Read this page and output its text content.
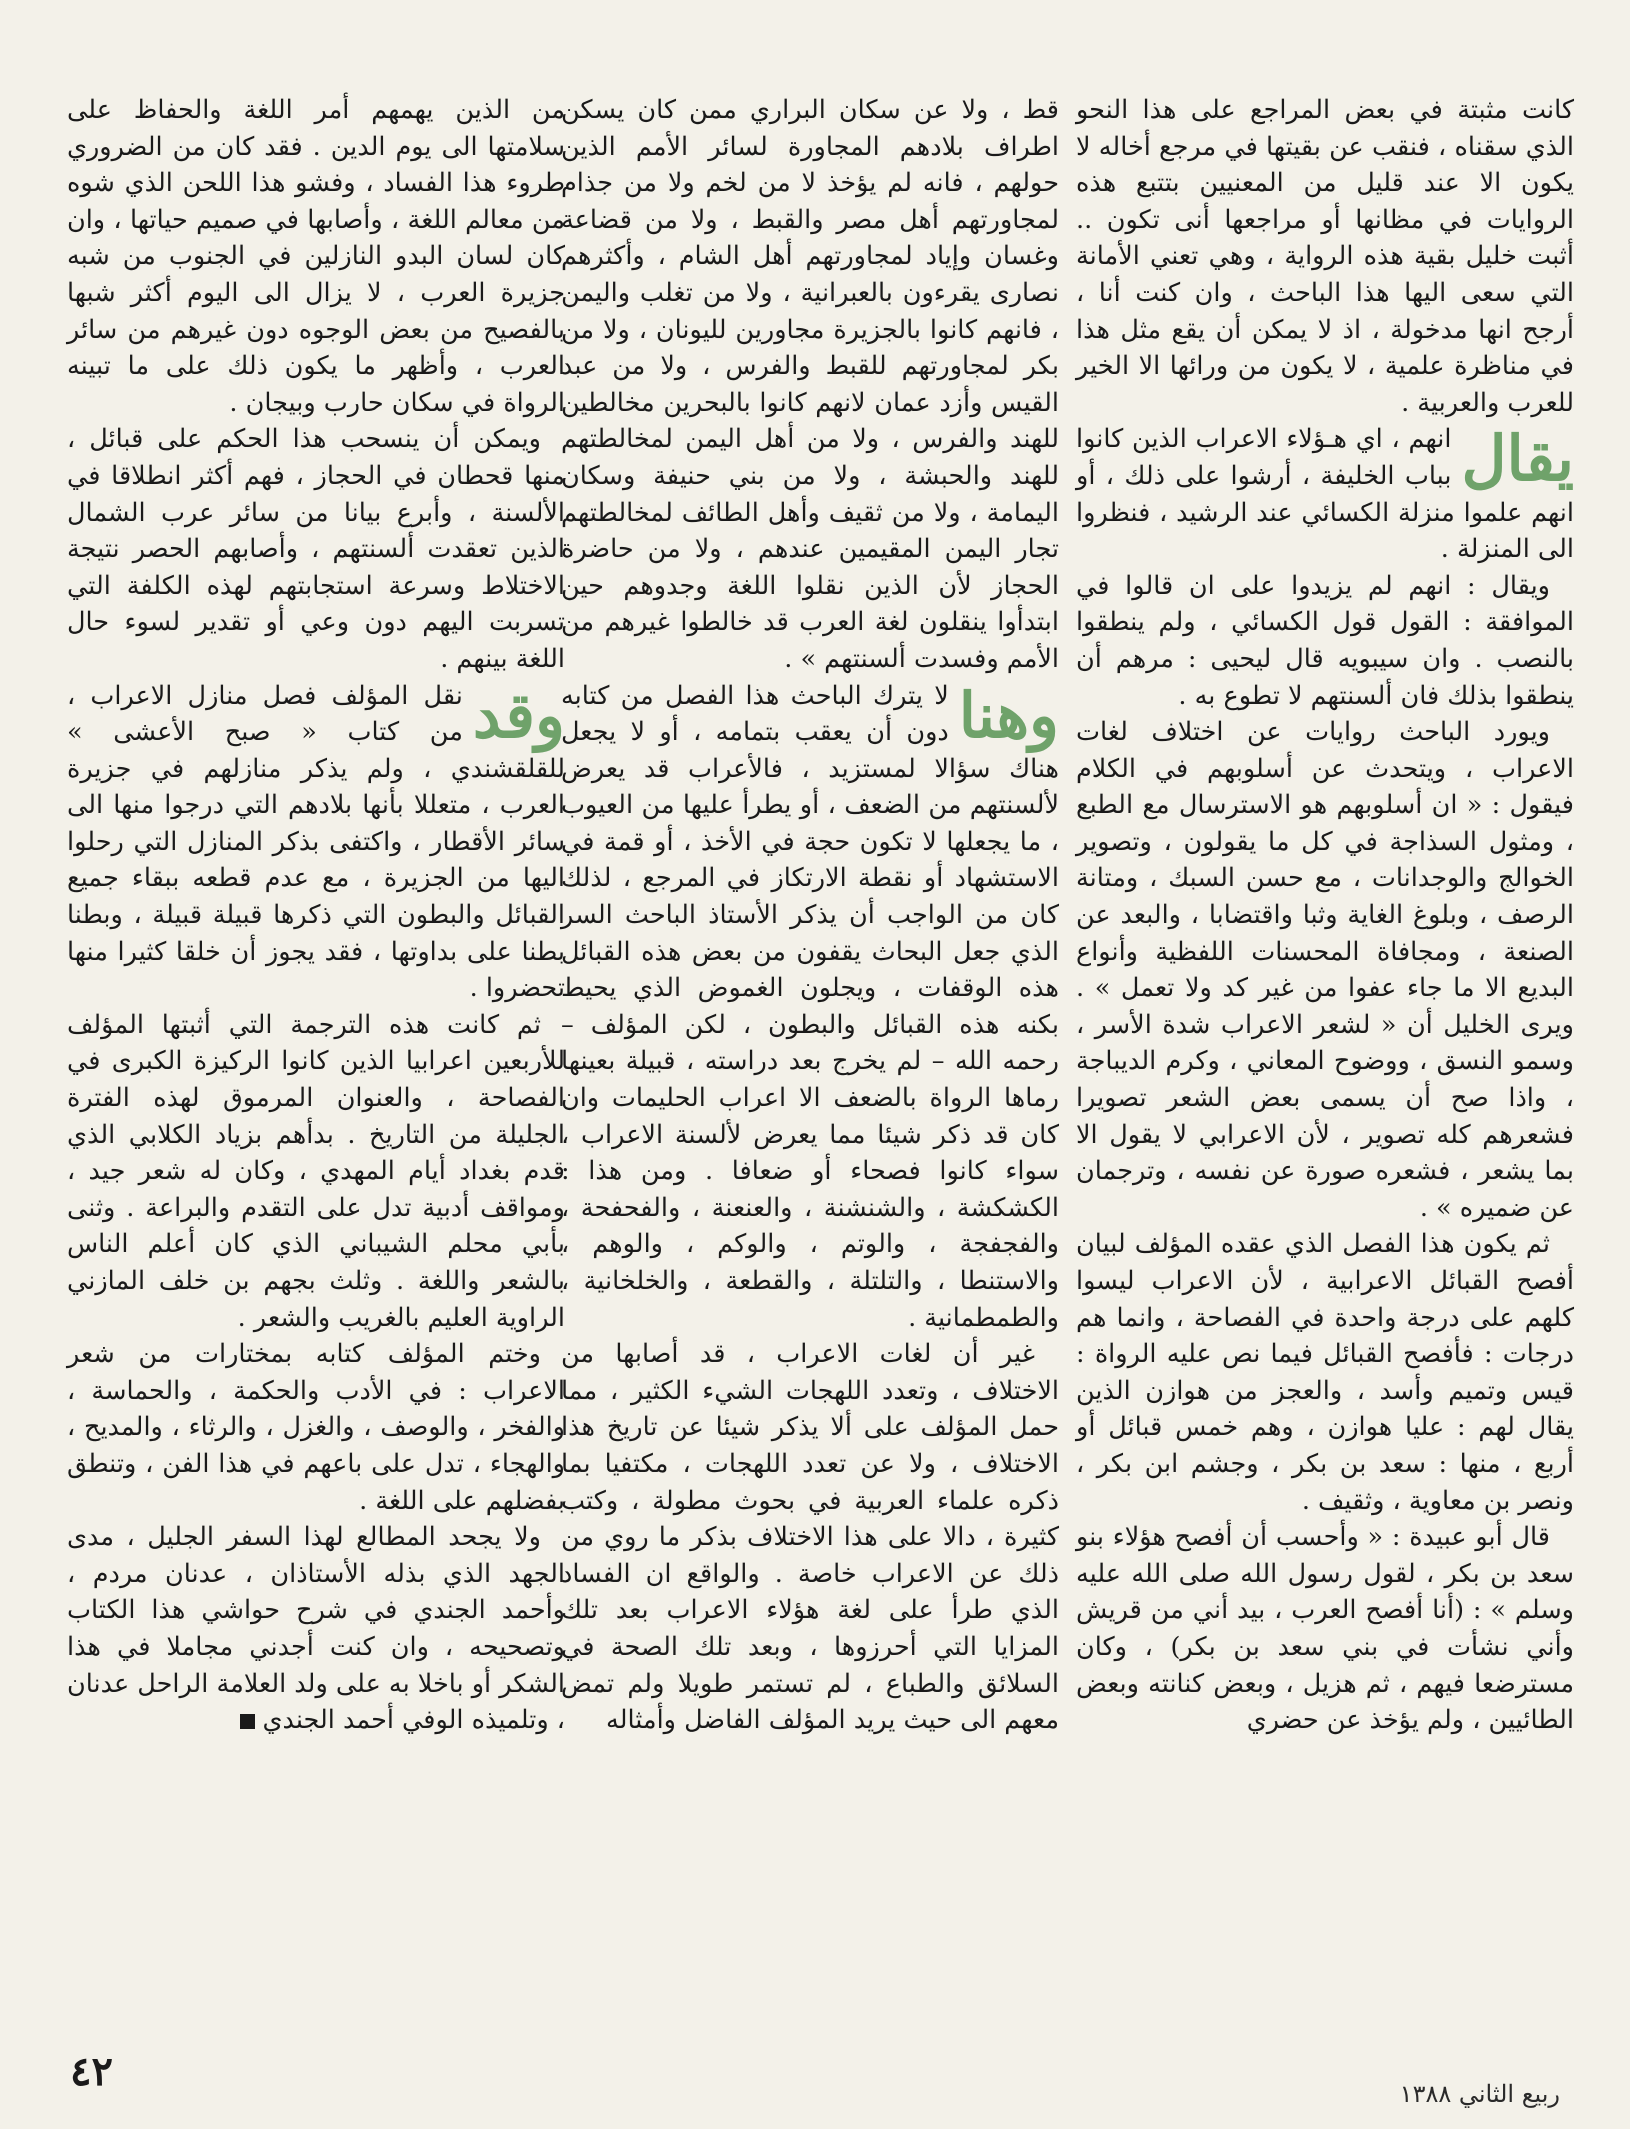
كانت مثبتة في بعض المراجع على هذا النحو الذي سقناه ، فنقب عن بقيتها في مرجع أخاله لا يكون الا عند قليل من المعنيين بتتبع هذه الروايات في مظانها أو مراجعها أنى تكون .. أثبت خليل بقية هذه الرواية ، وهي تعني الأمانة التي سعى اليها هذا الباحث ، وان كنت أنا ، أرجح انها مدخولة ، اذ لا يمكن أن يقع مثل هذا في مناظرة علمية ، لا يكون من ورائها الا الخير للعرب والعربية .

يقال
انهم ، اي هـؤلاء الاعراب الذين كانوا بباب الخليفة ، أرشوا على ذلك ، أو انهم علموا منزلة الكسائي عند الرشيد ، فنظروا الى المنزلة .

ويقال : انهم لم يزيدوا على ان قالوا في الموافقة : القول قول الكسائي ، ولم ينطقوا بالنصب . وان سيبويه قال ليحيى : مرهم أن ينطقوا بذلك فان ألسنتهم لا تطوع به .

ويورد الباحث روايات عن اختلاف لغات الاعراب ، ويتحدث عن أسلوبهم في الكلام فيقول : « ان أسلوبهم هو الاسترسال مع الطبع ، ومثول السذاجة في كل ما يقولون ، وتصوير الخوالج والوجدانات ، مع حسن السبك ، ومتانة الرصف ، وبلوغ الغاية وثبا واقتضابا ، والبعد عن الصنعة ، ومجافاة المحسنات اللفظية وأنواع البديع الا ما جاء عفوا من غير كد ولا تعمل » . ويرى الخليل أن « لشعر الاعراب شدة الأسر ، وسمو النسق ، ووضوح المعاني ، وكرم الديباجة ، واذا صح أن يسمى بعض الشعر تصويرا فشعرهم كله تصوير ، لأن الاعرابي لا يقول الا بما يشعر ، فشعره صورة عن نفسه ، وترجمان عن ضميره » .

ثم يكون هذا الفصل الذي عقده المؤلف لبيان أفصح القبائل الاعرابية ، لأن الاعراب ليسوا كلهم على درجة واحدة في الفصاحة ، وانما هم درجات : فأفصح القبائل فيما نص عليه الرواة : قيس وتميم وأسد ، والعجز من هوازن الذين يقال لهم : عليا هوازن ، وهم خمس قبائل أو أربع ، منها : سعد بن بكر ، وجشم ابن بكر ، ونصر بن معاوية ، وثقيف .

قال أبو عبيدة : « وأحسب أن أفصح هؤلاء بنو سعد بن بكر ، لقول رسول الله صلى الله عليه وسلم » : (أنا أفصح العرب ، بيد أني من قريش وأني نشأت في بني سعد بن بكر) ، وكان مسترضعا فيهم ، ثم هزيل ، وبعض كنانته وبعض الطائيين ، ولم يؤخذ عن حضري

قط ، ولا عن سكان البراري ممن كان يسكن اطراف بلادهم المجاورة لسائر الأمم الذين حولهم ، فانه لم يؤخذ لا من لخم ولا من جذام لمجاورتهم أهل مصر والقبط ، ولا من قضاعة وغسان وإياد لمجاورتهم أهل الشام ، وأكثرهم نصارى يقرءون بالعبرانية ، ولا من تغلب واليمن ، فانهم كانوا بالجزيرة مجاورين لليونان ، ولا من بكر لمجاورتهم للقبط والفرس ، ولا من عبد القيس وأزد عمان لانهم كانوا بالبحرين مخالطين للهند والفرس ، ولا من أهل اليمن لمخالطتهم للهند والحبشة ، ولا من بني حنيفة وسكان اليمامة ، ولا من ثقيف وأهل الطائف لمخالطتهم تجار اليمن المقيمين عندهم ، ولا من حاضرة الحجاز لأن الذين نقلوا اللغة وجدوهم حين ابتدأوا ينقلون لغة العرب قد خالطوا غيرهم من الأمم وفسدت ألسنتهم » .

وهنا
لا يترك الباحث هذا الفصل من كتابه دون أن يعقب بتمامه ، أو لا يجعل هناك سؤالا لمستزيد ، فالأعراب قد يعرض لألسنتهم من الضعف ، أو يطرأ عليها من العيوب ، ما يجعلها لا تكون حجة في الأخذ ، أو قمة في الاستشهاد أو نقطة الارتكاز في المرجع ، لذلك كان من الواجب أن يذكر الأستاذ الباحث السر الذي جعل البحاث يقفون من بعض هذه القبائل هذه الوقفات ، ويجلون الغموض الذي يحيط بكنه هذه القبائل والبطون ، لكن المؤلف – رحمه الله – لم يخرج بعد دراسته ، قبيلة بعينها رماها الرواة بالضعف الا اعراب الحليمات وان كان قد ذكر شيئا مما يعرض لألسنة الاعراب ، سواء كانوا فصحاء أو ضعافا . ومن هذا : الكشكشة ، والشنشنة ، والعنعنة ، والفحفحة ، والفجفجة ، والوتم ، والوكم ، والوهم ، والاستنطا ، والتلتلة ، والقطعة ، والخلخانية ، والطمطمانية .

غير أن لغات الاعراب ، قد أصابها من الاختلاف ، وتعدد اللهجات الشيء الكثير ، مما حمل المؤلف على ألا يذكر شيئا عن تاريخ هذا الاختلاف ، ولا عن تعدد اللهجات ، مكتفيا بما ذكره علماء العربية في بحوث مطولة ، وكتب كثيرة ، دالا على هذا الاختلاف بذكر ما روي من ذلك عن الاعراب خاصة . والواقع ان الفساد الذي طرأ على لغة هؤلاء الاعراب بعد تلك المزايا التي أحرزوها ، وبعد تلك الصحة في السلائق والطباع ، لم تستمر طويلا ولم تمض معهم الى حيث يريد المؤلف الفاضل وأمثاله

من الذين يهمهم أمر اللغة والحفاظ على سلامتها الى يوم الدين . فقد كان من الضروري طروء هذا الفساد ، وفشو هذا اللحن الذي شوه من معالم اللغة ، وأصابها في صميم حياتها ، وان كان لسان البدو النازلين في الجنوب من شبه جزيرة العرب ، لا يزال الى اليوم أكثر شبها بالفصيح من بعض الوجوه دون غيرهم من سائر العرب ، وأظهر ما يكون ذلك على ما تبينه الرواة في سكان حارب وبيجان .

ويمكن أن ينسحب هذا الحكم على قبائل ، منها قحطان في الحجاز ، فهم أكثر انطلاقا في الألسنة ، وأبرع بيانا من سائر عرب الشمال الذين تعقدت ألسنتهم ، وأصابهم الحصر نتيجة الاختلاط وسرعة استجابتهم لهذه الكلفة التي تسربت اليهم دون وعي أو تقدير لسوء حال اللغة بينهم .

وقد
نقل المؤلف فصل منازل الاعراب ، من كتاب « صبح الأعشى » للقلقشندي ، ولم يذكر منازلهم في جزيرة العرب ، متعللا بأنها بلادهم التي درجوا منها الى سائر الأقطار ، واكتفى بذكر المنازل التي رحلوا اليها من الجزيرة ، مع عدم قطعه ببقاء جميع القبائل والبطون التي ذكرها قبيلة قبيلة ، وبطنا بطنا على بداوتها ، فقد يجوز أن خلقا كثيرا منها تحضروا .

ثم كانت هذه الترجمة التي أثبتها المؤلف للأربعين اعرابيا الذين كانوا الركيزة الكبرى في الفصاحة ، والعنوان المرموق لهذه الفترة الجليلة من التاريخ . بدأهم بزياد الكلابي الذي قدم بغداد أيام المهدي ، وكان له شعر جيد ، ومواقف أدبية تدل على التقدم والبراعة . وثنى بأبي محلم الشيباني الذي كان أعلم الناس بالشعر واللغة . وثلث بجهم بن خلف المازني الراوية العليم بالغريب والشعر .

وختم المؤلف كتابه بمختارات من شعر الاعراب : في الأدب والحكمة ، والحماسة ، والفخر ، والوصف ، والغزل ، والرثاء ، والمديح ، والهجاء ، تدل على باعهم في هذا الفن ، وتنطق بفضلهم على اللغة .

ولا يجحد المطالع لهذا السفر الجليل ، مدى الجهد الذي بذله الأستاذان ، عدنان مردم ، وأحمد الجندي في شرح حواشي هذا الكتاب وتصحيحه ، وان كنت أجدني مجاملا في هذا الشكر أو باخلا به على ولد العلامة الراحل عدنان ، وتلميذه الوفي أحمد الجندي

٤٢	ربيع الثاني ١٣٨٨
